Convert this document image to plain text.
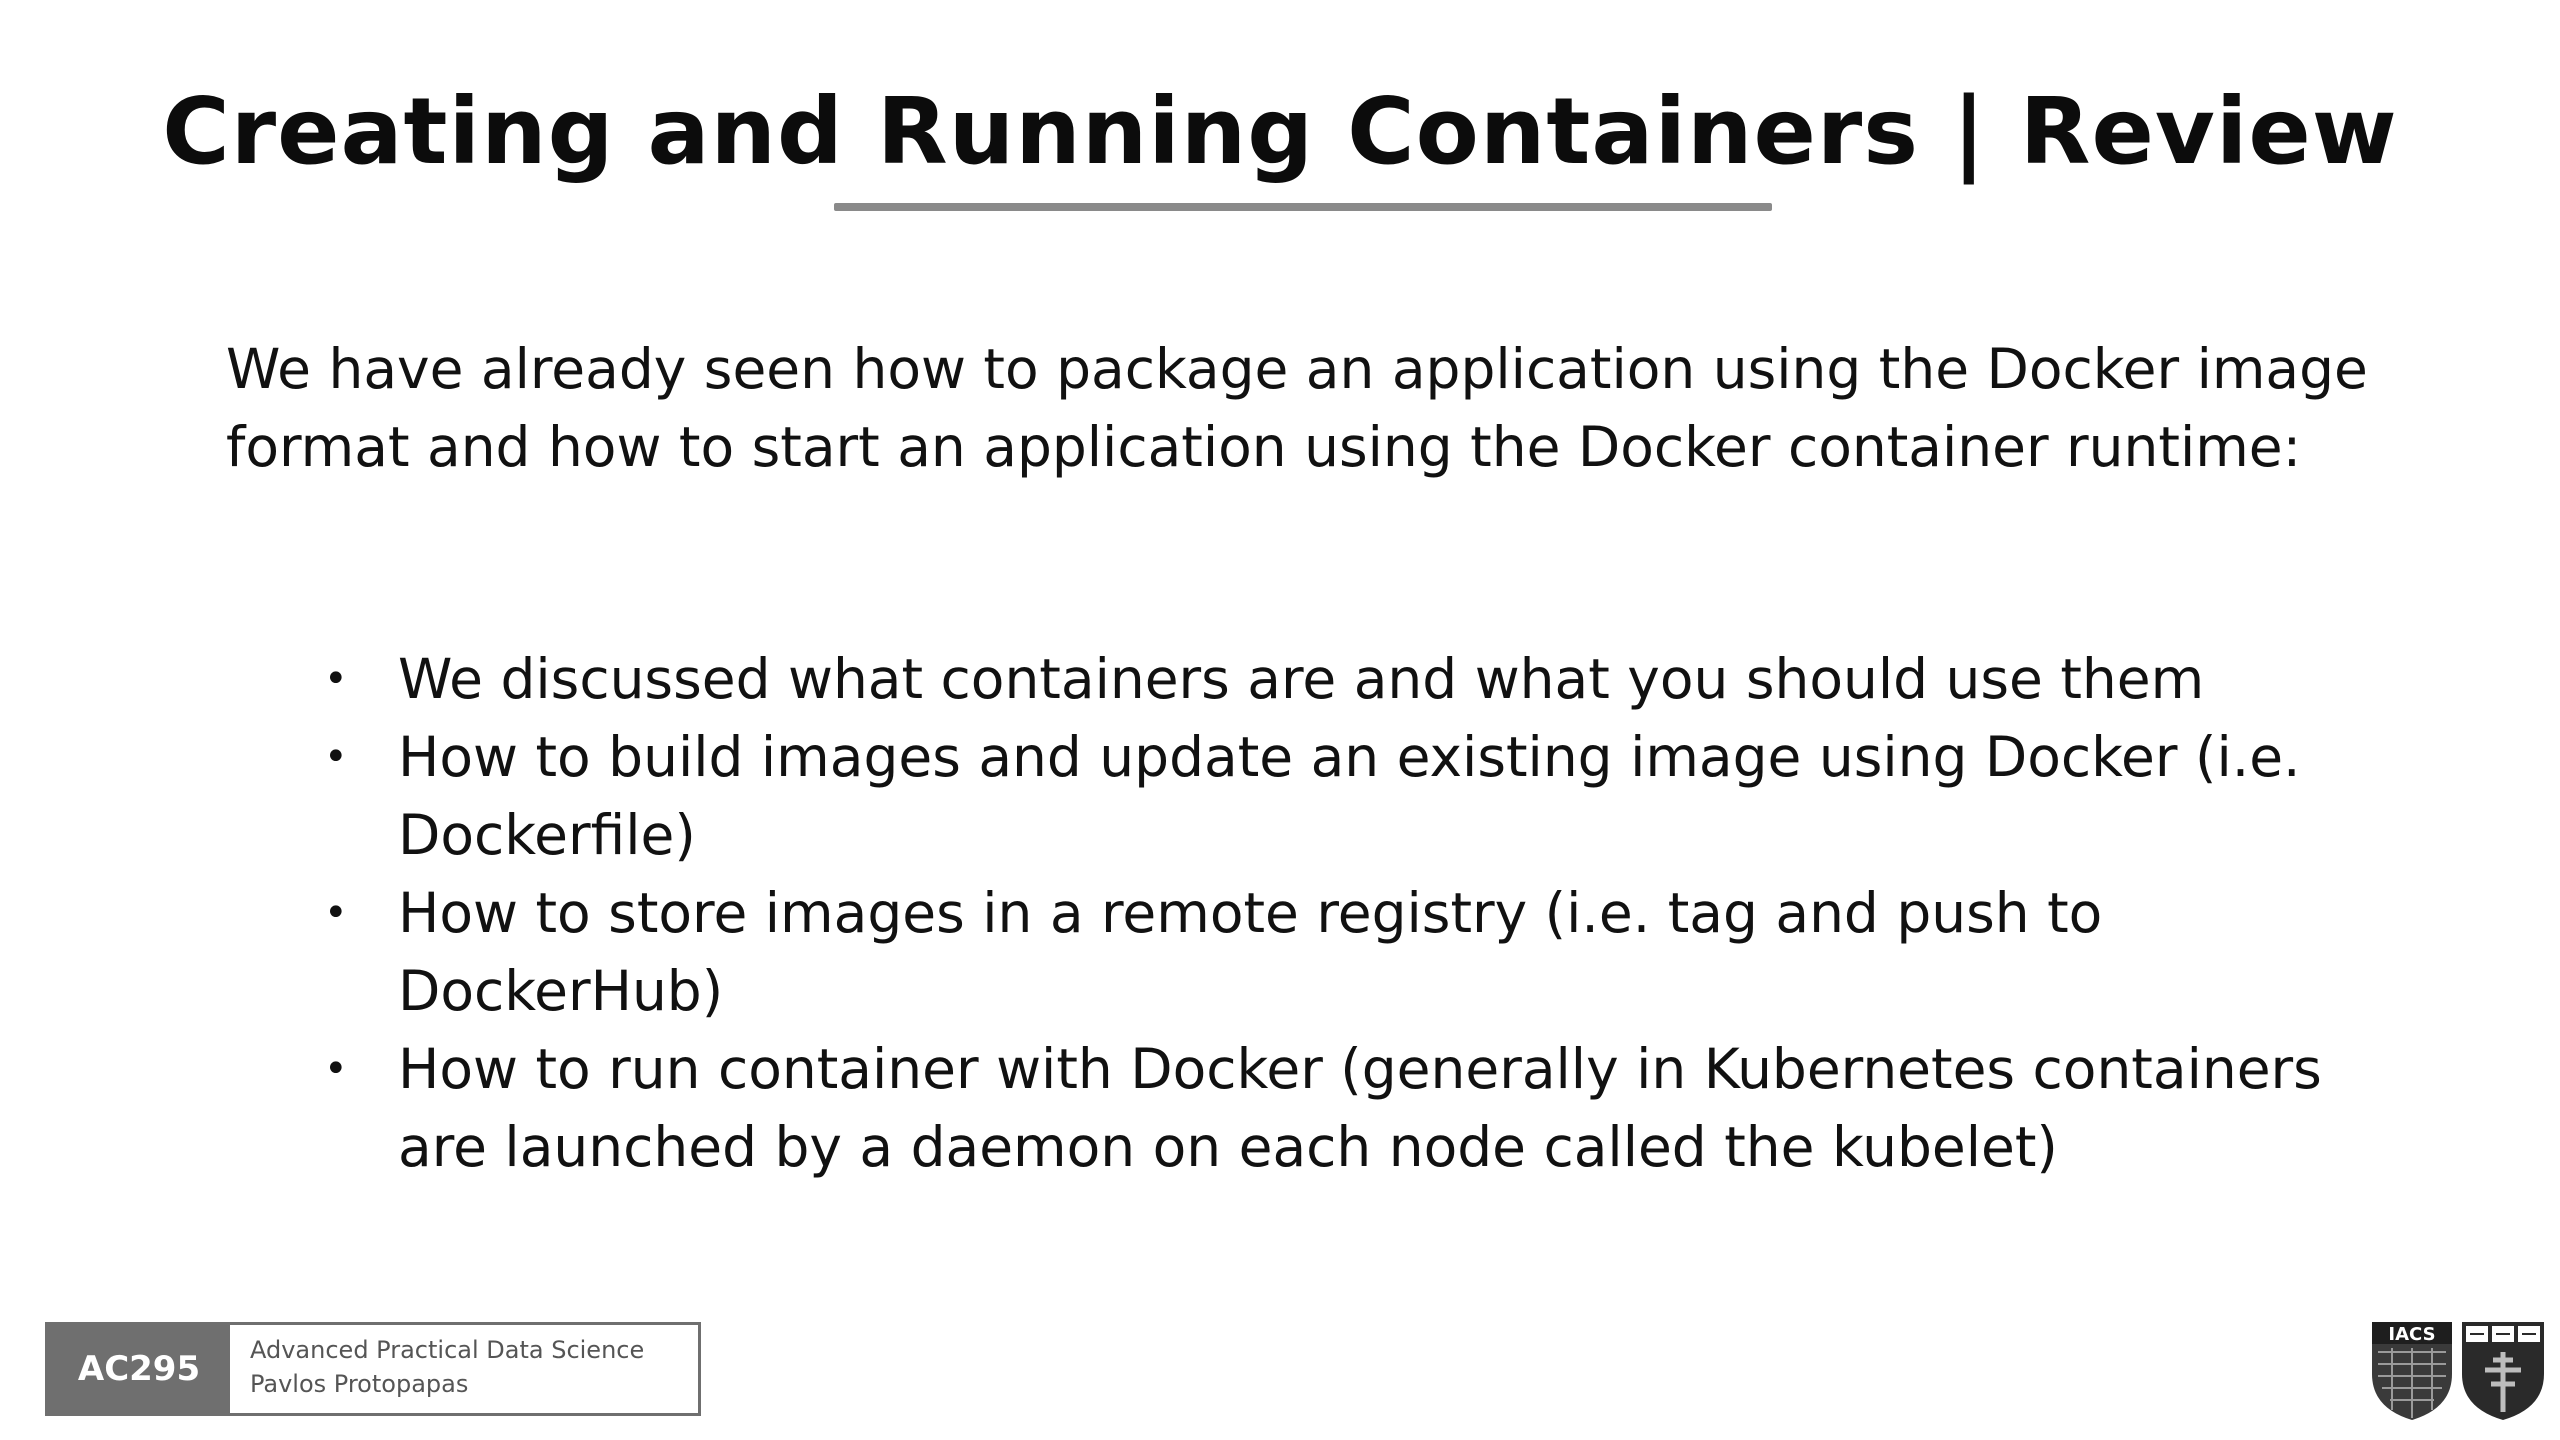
Creating and Running Containers | Review
We have already seen how to package an application using the Docker image format and how to start an application using the Docker container runtime:
• We discussed what containers are and what you should use them
• How to build images and update an existing image using Docker (i.e. Dockerfile)
• How to store images in a remote registry (i.e. tag and push to DockerHub)
• How to run container with Docker (generally in Kubernetes containers are launched by a daemon on each node called the kubelet)
AC295	Advanced Practical Data Science
Pavlos Protopapas
IACS
